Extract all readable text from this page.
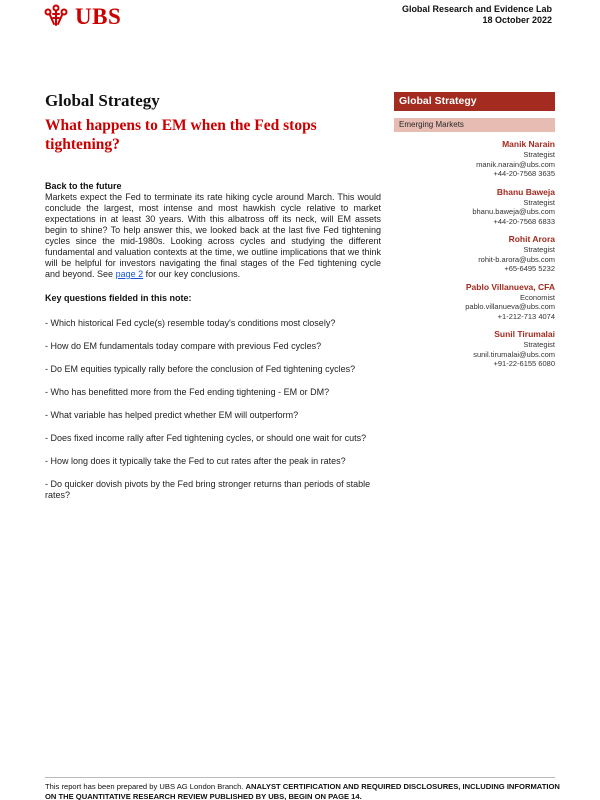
UBS	Global Research and Evidence Lab
18 October 2022
Global Strategy
What happens to EM when the Fed stops tightening?
Back to the future

Markets expect the Fed to terminate its rate hiking cycle around March. This would conclude the largest, most intense and most hawkish cycle relative to market expectations in at least 30 years. With this albatross off its neck, will EM assets begin to shine? To help answer this, we looked back at the last five Fed tightening cycles since the mid-1980s. Looking across cycles and studying the different fundamental and valuation contexts at the time, we outline implications that we think will be helpful for investors navigating the final stages of the Fed tightening cycle and beyond. See page 2 for our key conclusions.

Key questions fielded in this note:
- Which historical Fed cycle(s) resemble today's conditions most closely?
- How do EM fundamentals today compare with previous Fed cycles?
- Do EM equities typically rally before the conclusion of Fed tightening cycles?
- Who has benefitted more from the Fed ending tightening - EM or DM?
- What variable has helped predict whether EM will outperform?
- Does fixed income rally after Fed tightening cycles, or should one wait for cuts?
- How long does it typically take the Fed to cut rates after the peak in rates?
- Do quicker dovish pivots by the Fed bring stronger returns than periods of stable rates?
Global Strategy
Emerging Markets
Manik Narain
Strategist
manik.narain@ubs.com
+44-20-7568 3635
Bhanu Baweja
Strategist
bhanu.baweja@ubs.com
+44-20-7568 6833
Rohit Arora
Strategist
rohit-b.arora@ubs.com
+65-6495 5232
Pablo Villanueva, CFA
Economist
pablo.villanueva@ubs.com
+1-212-713 4074
Sunil Tirumalai
Strategist
sunil.tirumalai@ubs.com
+91-22-6155 6080
This report has been prepared by UBS AG London Branch. ANALYST CERTIFICATION AND REQUIRED DISCLOSURES, INCLUDING INFORMATION ON THE QUANTITATIVE RESEARCH REVIEW PUBLISHED BY UBS, BEGIN ON PAGE 14.
